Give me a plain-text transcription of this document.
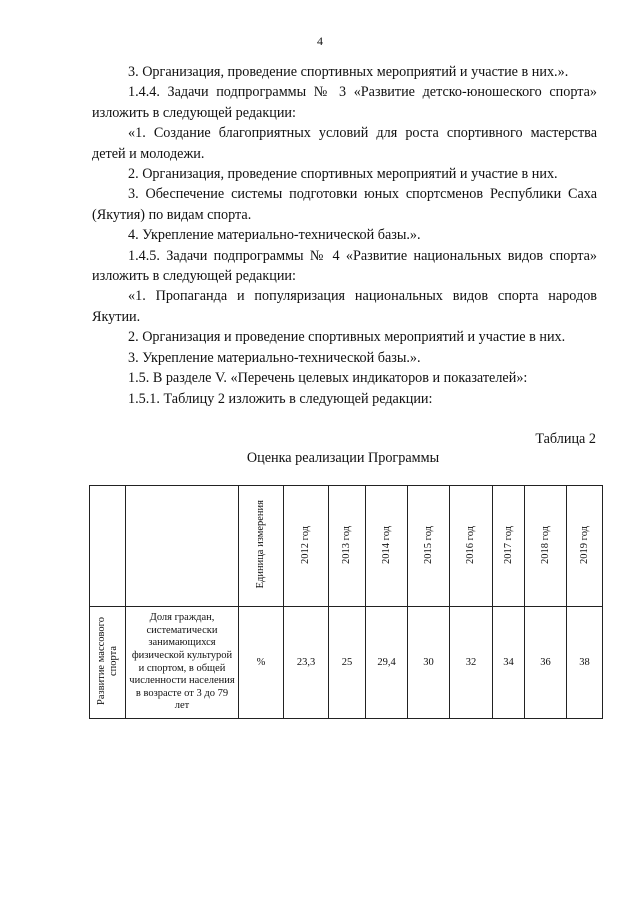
4

3. Организация, проведение спортивных мероприятий и участие в них.».

1.4.4. Задачи подпрограммы № 3 «Развитие детско-юношеского спорта» изложить в следующей редакции:

«1. Создание благоприятных условий для роста спортивного мастерства детей и молодежи.

2. Организация, проведение спортивных мероприятий и участие в них.

3. Обеспечение системы подготовки юных спортсменов Республики Саха (Якутия) по видам спорта.

4. Укрепление материально-технической базы.».

1.4.5. Задачи подпрограммы № 4 «Развитие национальных видов спорта» изложить в следующей редакции:

«1. Пропаганда и популяризация национальных видов спорта народов Якутии.

2. Организация и проведение спортивных мероприятий и участие в них.

3. Укрепление материально-технической базы.».

1.5. В разделе V. «Перечень целевых индикаторов и показателей»:

1.5.1. Таблицу 2 изложить в следующей редакции:

Таблица 2
Оценка реализации Программы
		Единица измерения	2012 год	2013 год	2014 год	2015 год	2016 год	2017 год	2018 год	2019 год
Развитие массового спорта	Доля граждан, систематически занимающихся физической культурой и спортом, в общей численности населения в возрасте от 3 до 79 лет	%	23,3	25	29,4	30	32	34	36	38
